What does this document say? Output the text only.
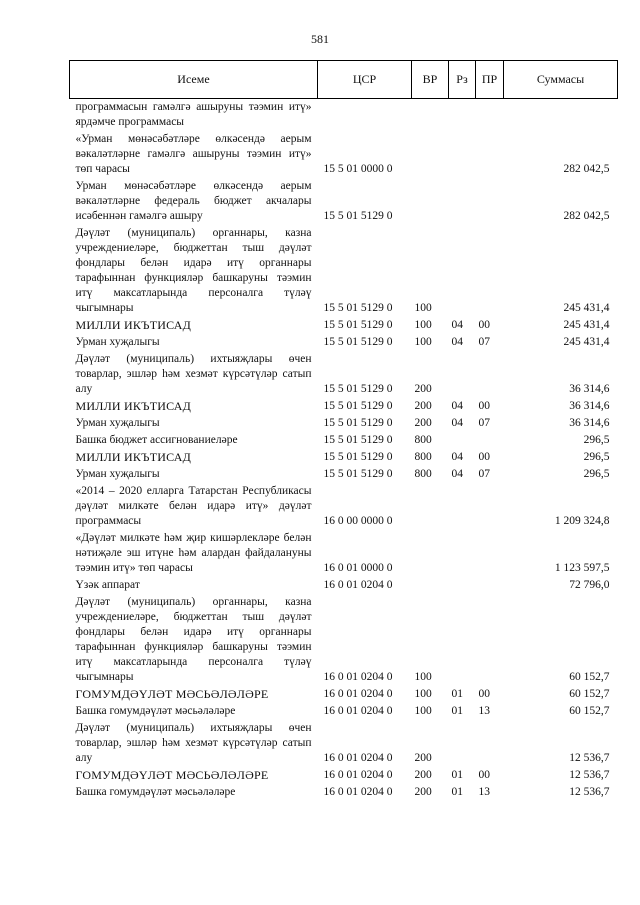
581
Исеме	ЦСР	ВР	Рз	ПР	Суммасы
программасын гамәлгә ашыруны тәэмин итү» ярдәмче программасы					
«Урман мөнәсәбәтләре өлкәсендә аерым вәкаләтләрне гамәлгә ашыруны тәэмин итү» төп чарасы	15 5 01 0000 0				282 042,5
Урман мөнәсәбәтләре өлкәсендә аерым вәкаләтләрне федераль бюджет акчалары исәбеннән гамәлгә ашыру	15 5 01 5129 0				282 042,5
Дәүләт (муниципаль) органнары, казна учреждениеләре, бюджеттан тыш дәүләт фондлары белән идарә итү органнары тарафыннан функцияләр башкаруны тәэмин итү максатларында персоналга түләү чыгымнары	15 5 01 5129 0	100			245 431,4
МИЛЛИ ИКЪТИСАД	15 5 01 5129 0	100	04	00	245 431,4
Урман хуҗалыгы	15 5 01 5129 0	100	04	07	245 431,4
Дәүләт (муниципаль) ихтыяҗлары өчен товарлар, эшләр һәм хезмәт күрсәтүләр сатып алу	15 5 01 5129 0	200			36 314,6
МИЛЛИ ИКЪТИСАД	15 5 01 5129 0	200	04	00	36 314,6
Урман хуҗалыгы	15 5 01 5129 0	200	04	07	36 314,6
Башка бюджет ассигнованиеләре	15 5 01 5129 0	800			296,5
МИЛЛИ ИКЪТИСАД	15 5 01 5129 0	800	04	00	296,5
Урман хуҗалыгы	15 5 01 5129 0	800	04	07	296,5
«2014 – 2020 елларга Татарстан Республикасы дәүләт милкәте белән идарә итү» дәүләт программасы	16 0 00 0000 0				1 209 324,8
«Дәүләт милкәте һәм җир кишәрлекләре белән нәтиҗәле эш итүне һәм алардан файдалануны тәэмин итү» төп чарасы	16 0 01 0000 0				1 123 597,5
Үзәк аппарат	16 0 01 0204 0				72 796,0
Дәүләт (муниципаль) органнары, казна учреждениеләре, бюджеттан тыш дәүләт фондлары белән идарә итү органнары тарафыннан функцияләр башкаруны тәэмин итү максатларында персоналга түләү чыгымнары	16 0 01 0204 0	100			60 152,7
ГОМУМДӘҮЛӘТ МӘСЬӘЛӘЛӘРЕ	16 0 01 0204 0	100	01	00	60 152,7
Башка гомумдәүләт мәсьәләләре	16 0 01 0204 0	100	01	13	60 152,7
Дәүләт (муниципаль) ихтыяҗлары өчен товарлар, эшләр һәм хезмәт күрсәтүләр сатып алу	16 0 01 0204 0	200			12 536,7
ГОМУМДӘҮЛӘТ МӘСЬӘЛӘЛӘРЕ	16 0 01 0204 0	200	01	00	12 536,7
Башка гомумдәүләт мәсьәләләре	16 0 01 0204 0	200	01	13	12 536,7
